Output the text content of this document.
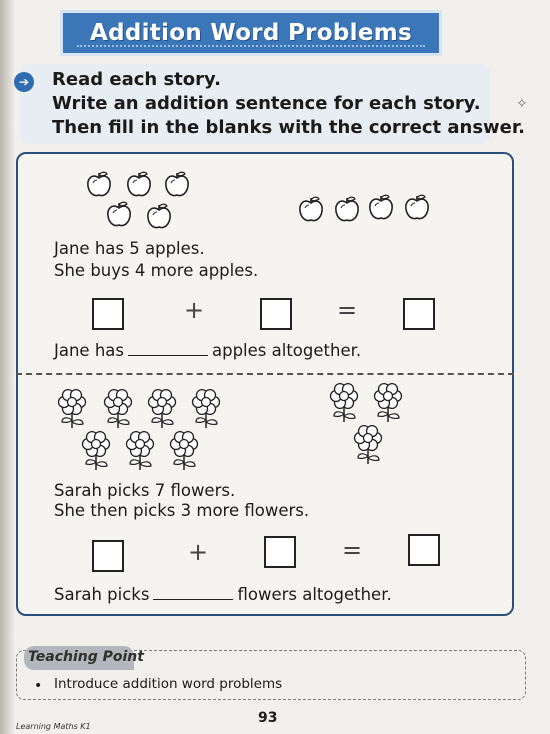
Addition Word Problems
➔ Read each story.
Write an addition sentence for each story.
Then fill in the blanks with the correct answer.
✧
Jane has 5 apples.
She buys 4 more apples.
+	=
Jane has	apples altogether.
Sarah picks 7 flowers.
She then picks 3 more flowers.
+	=
Sarah picks	flowers altogether.
Teaching Point
• Introduce addition word problems
Learning Maths K1
93
